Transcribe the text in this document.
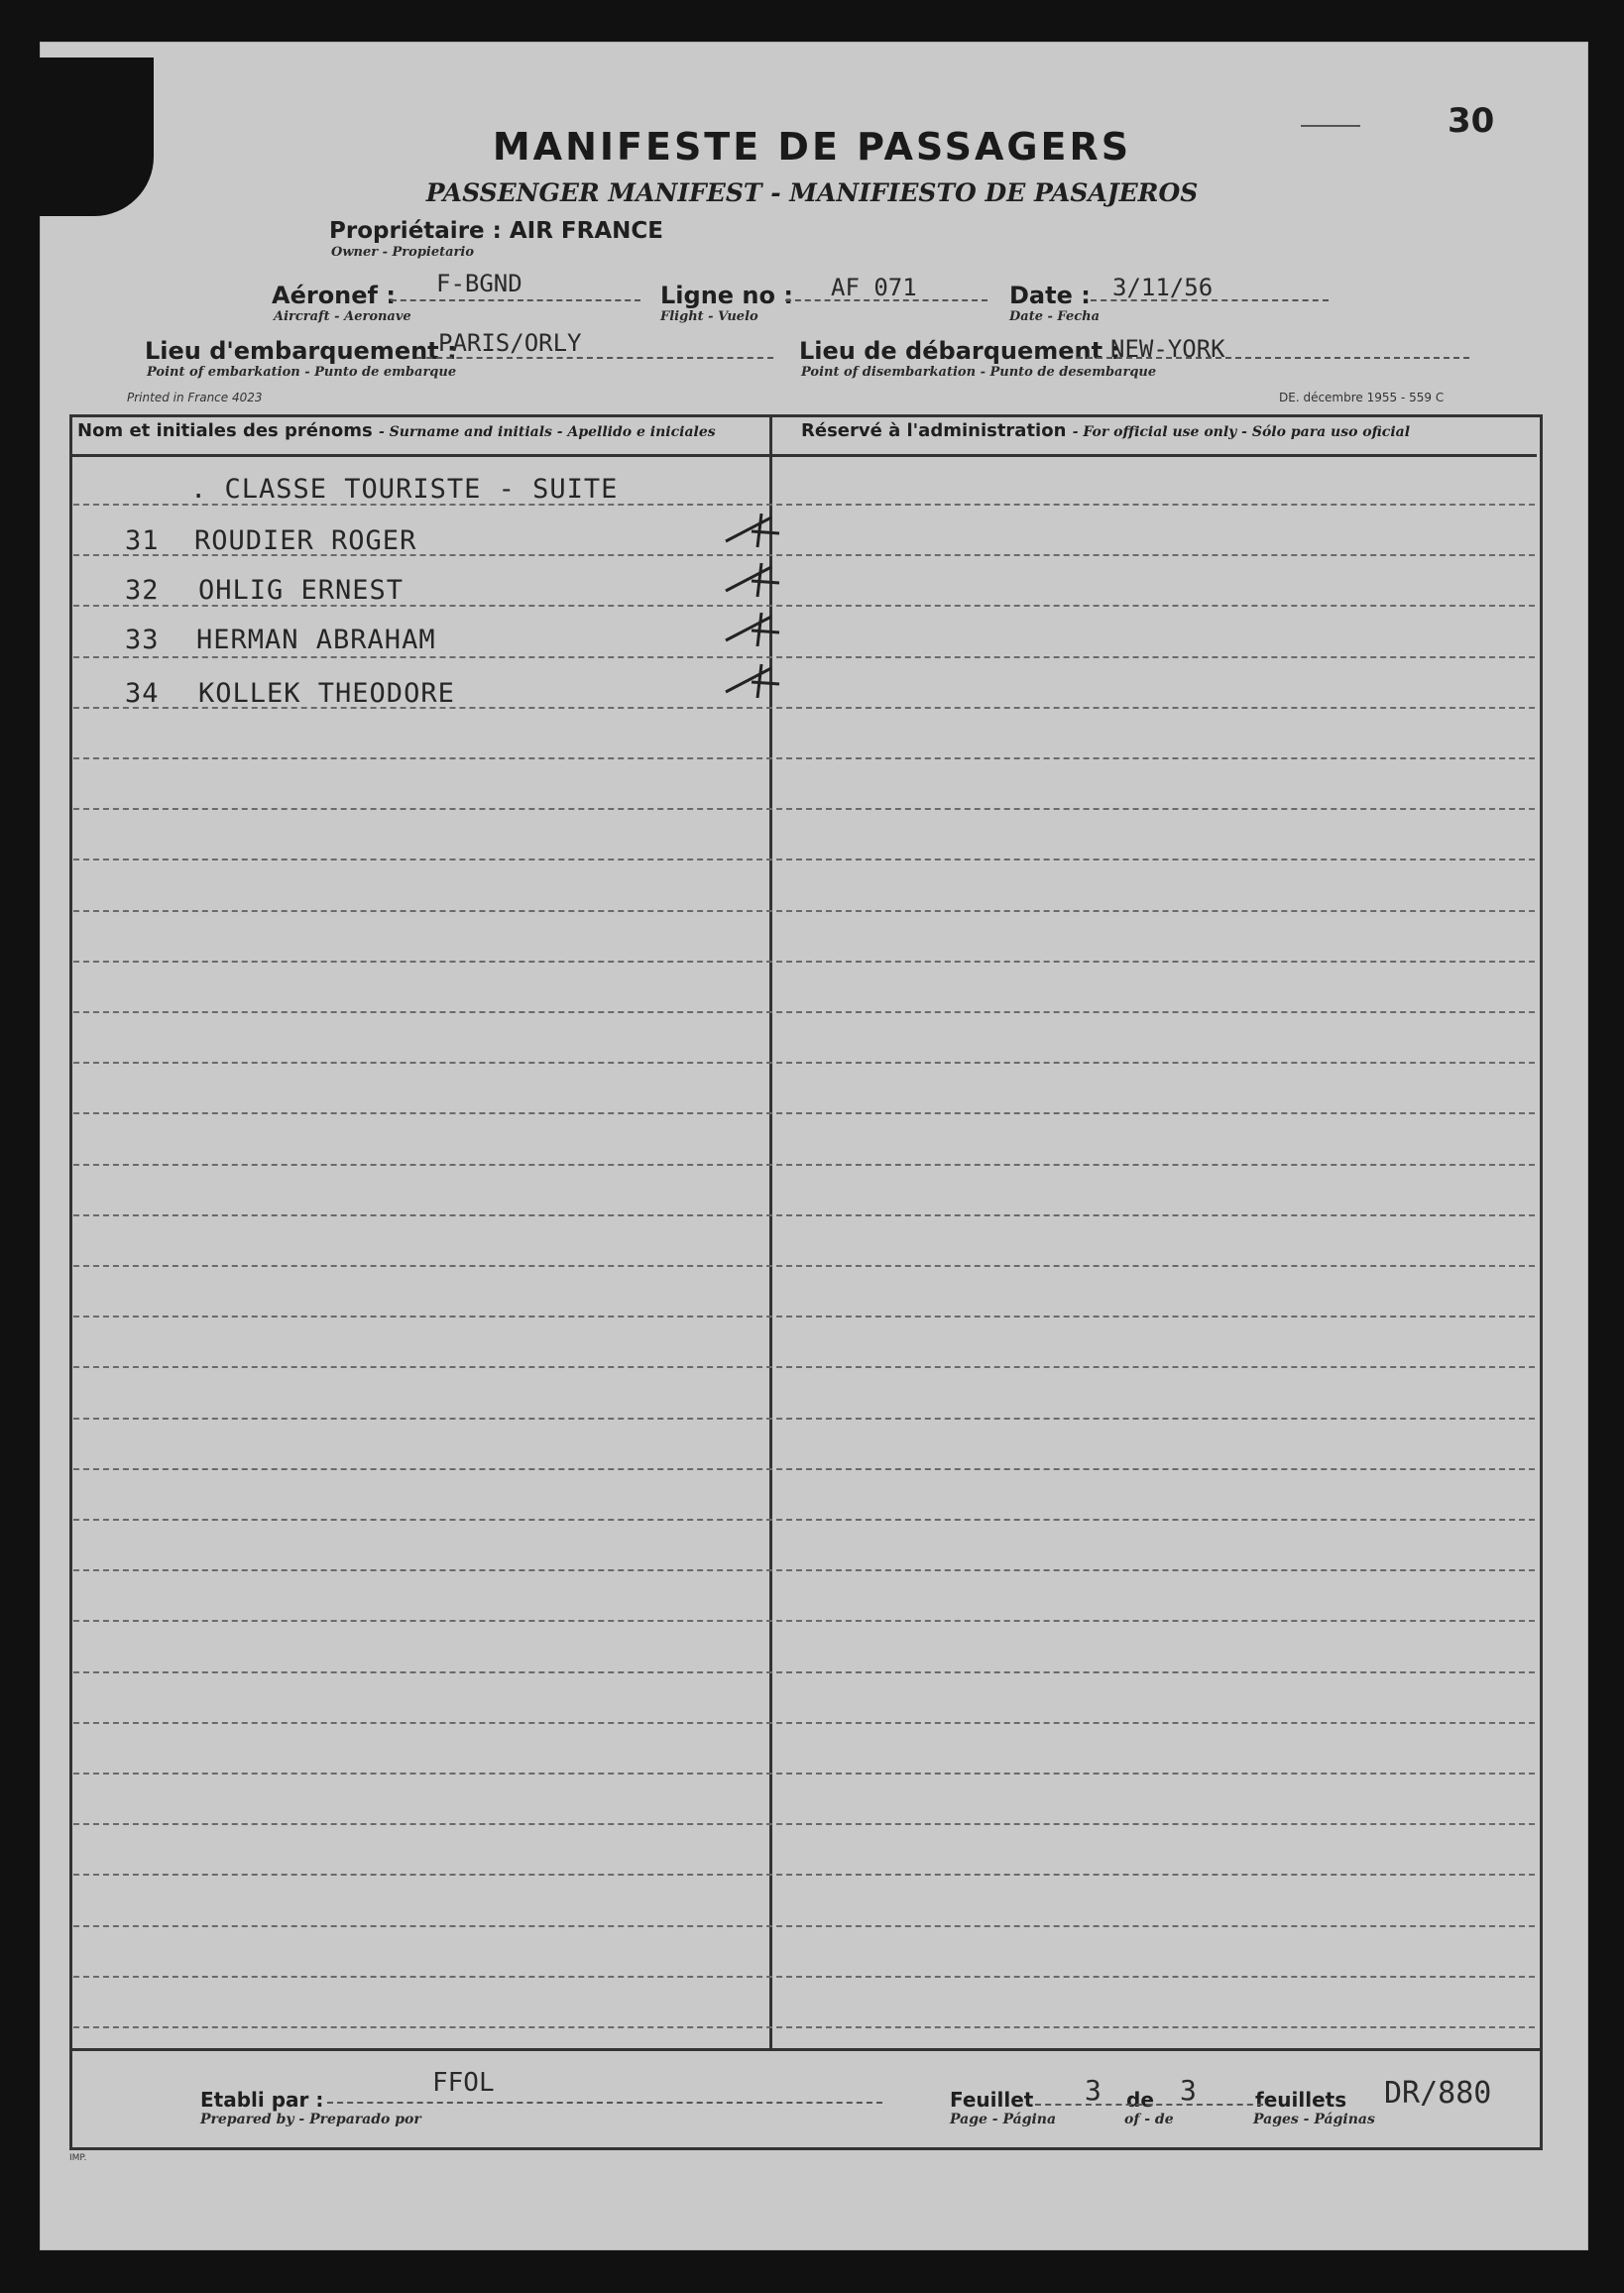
30
MANIFESTE DE PASSAGERS
PASSENGER MANIFEST - MANIFIESTO DE PASAJEROS
Propriétaire : AIR FRANCE
Owner - Propietario
Aéronef :
Aircraft - Aeronave
F-BGND	Ligne no :
Flight - Vuelo
AF 071	Date :
Date - Fecha
3/11/56
Lieu d'embarquement :
Point of embarkation - Punto de embarque
PARIS/ORLY	Lieu de débarquement :
Point of disembarkation - Punto de desembarque
NEW-YORK
Printed in France 4023	DE. décembre 1955 - 559 C
Nom et initiales des prénoms - Surname and initials - Apellido e iniciales	Réservé à l'administration - For official use only - Sólo para uso oficial
. CLASSE TOURISTE - SUITE
31 ROUDIER ROGER
32 OHLIG ERNEST
33 HERMAN ABRAHAM
34 KOLLEK THEODORE
Etabli par :
Prepared by - Preparado por
FFOL
Feuillet
Page - Página
3 de
of - de
3	feuillets
Pages - Páginas
DR/880
IMP.
